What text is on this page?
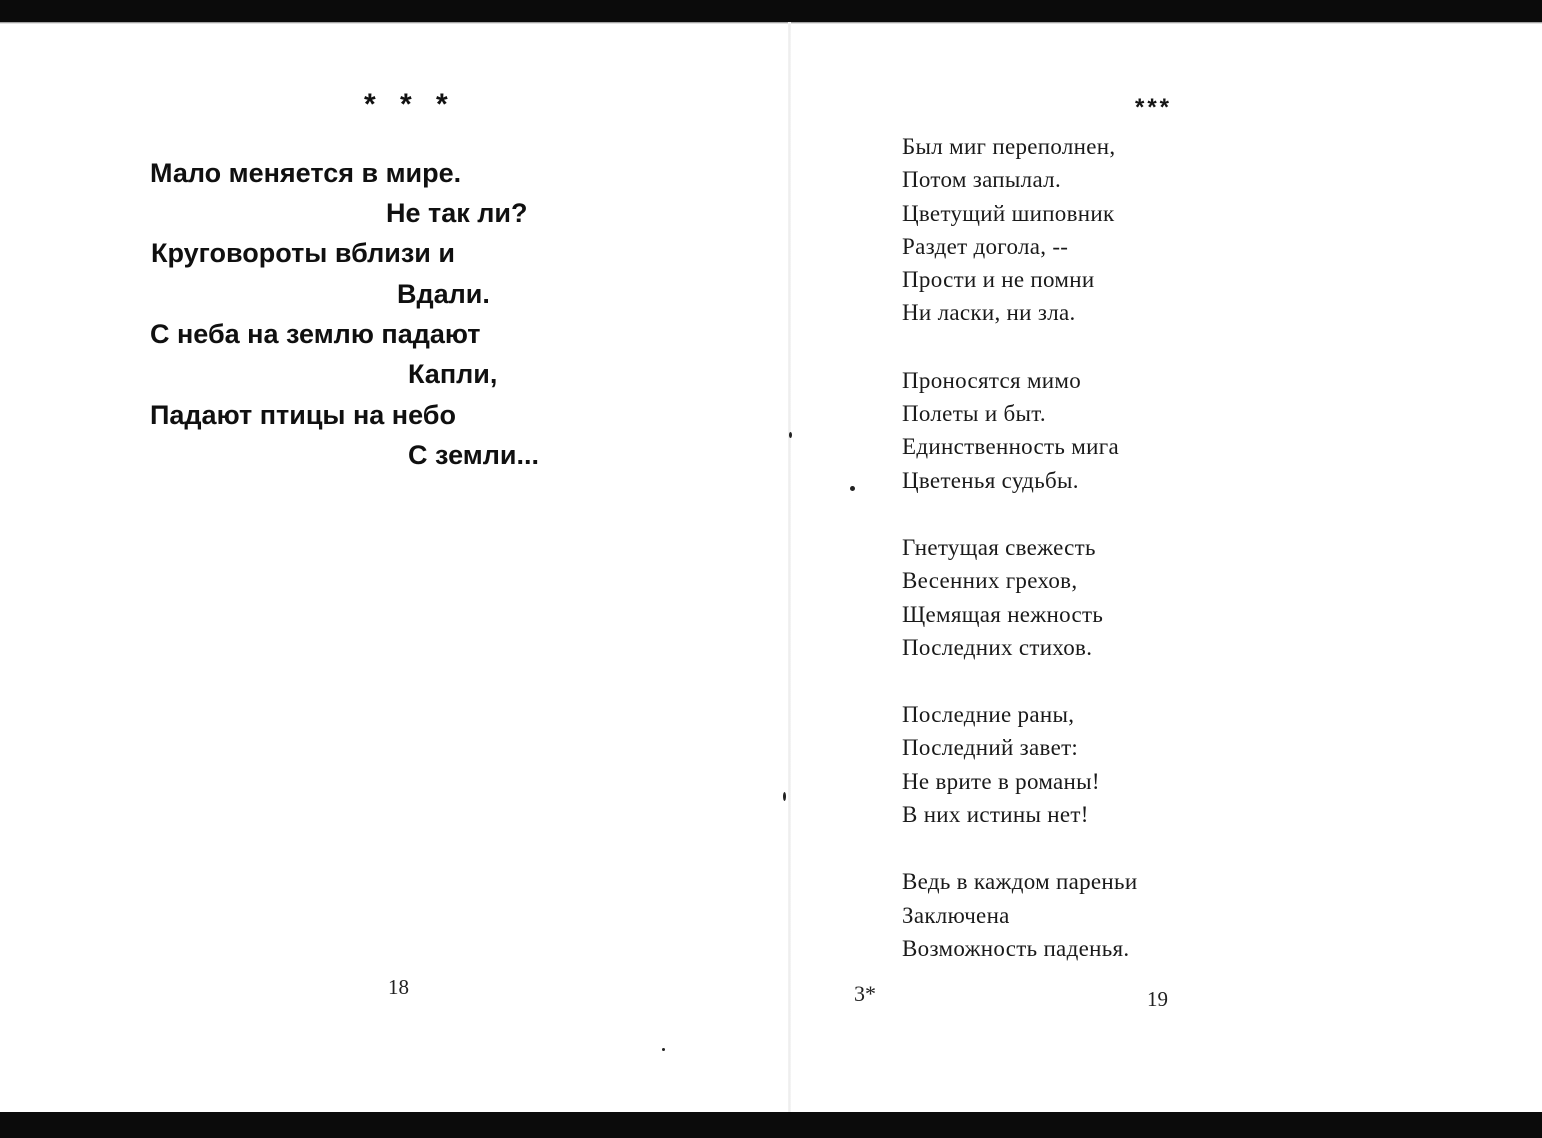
* * *
Мало меняется в мире.
Не так ли?
Круговороты вблизи и
Вдали.
С неба на землю падают
Капли,
Падают птицы на небо
С земли...
18
***
Был миг переполнен,
Потом запылал.
Цветущий шиповник
Раздет догола, --
Прости и не помни
Ни ласки, ни зла.
Проносятся мимо
Полеты и быт.
Единственность мига
Цветенья судьбы.
Гнетущая свежесть
Весенних грехов,
Щемящая нежность
Последних стихов.
Последние раны,
Последний завет:
Не врите в романы!
В них истины нет!
Ведь в каждом пареньи
Заключена
Возможность паденья.
3*	19
